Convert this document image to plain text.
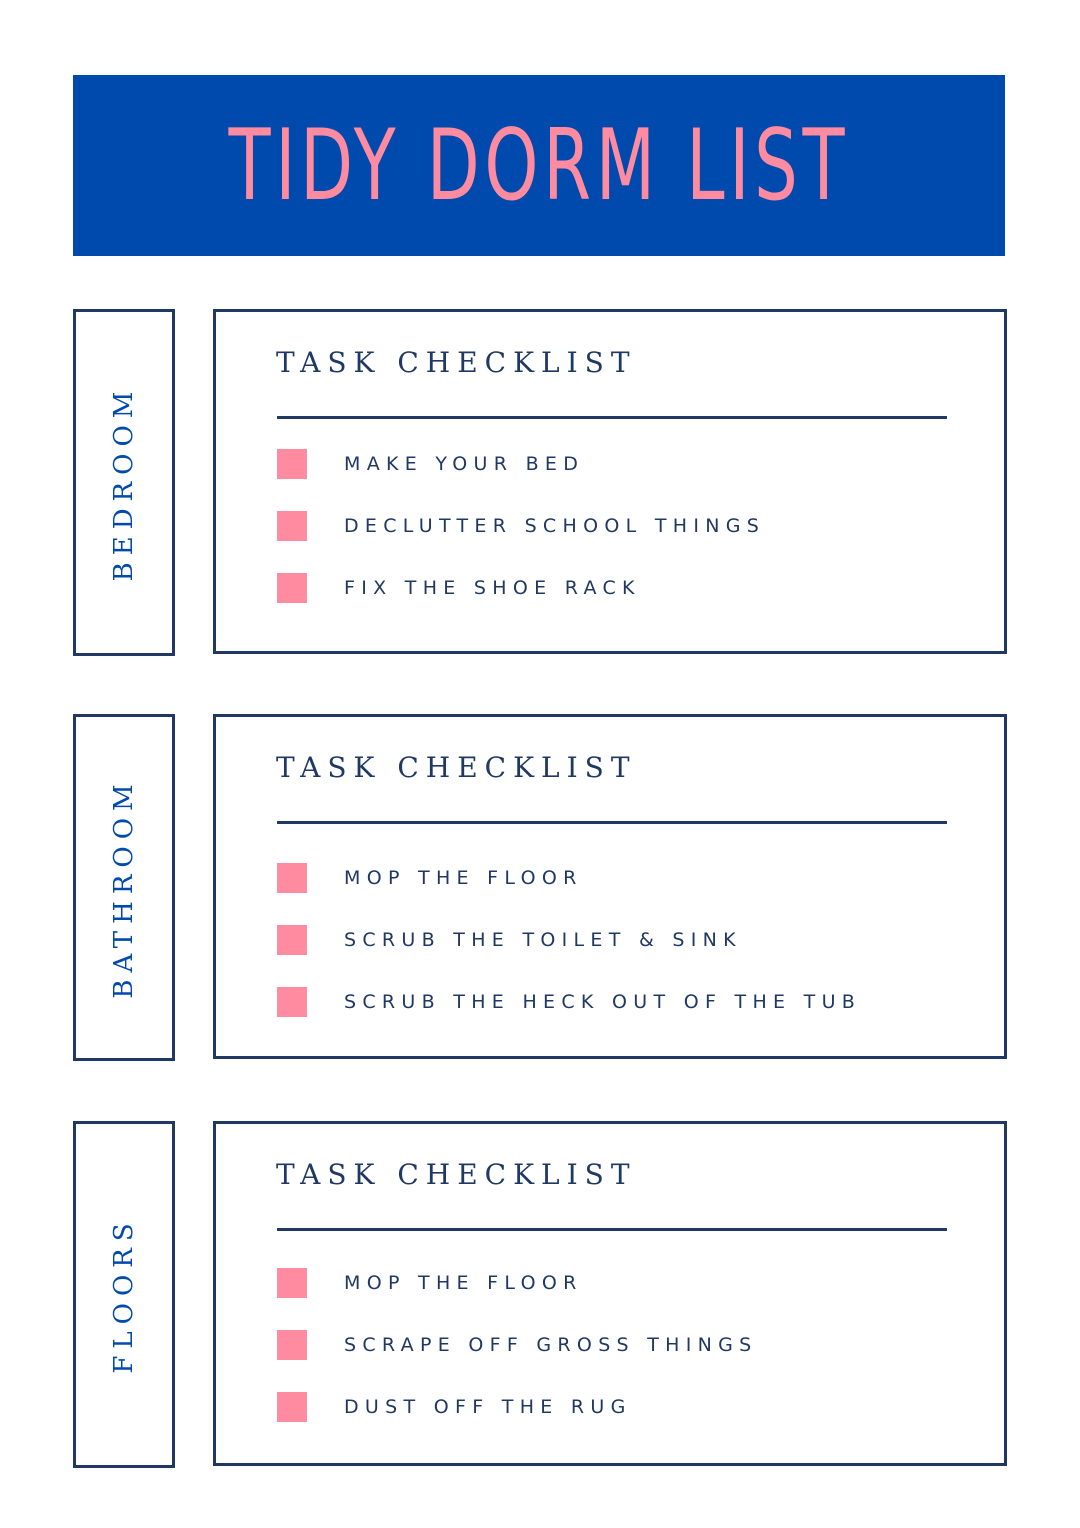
TIDY DORM LIST
BEDROOM
TASK CHECKLIST
MAKE YOUR BED
DECLUTTER SCHOOL THINGS
FIX THE SHOE RACK
BATHROOM
TASK CHECKLIST
MOP THE FLOOR
SCRUB THE TOILET & SINK
SCRUB THE HECK OUT OF THE TUB
FLOORS
TASK CHECKLIST
MOP THE FLOOR
SCRAPE OFF GROSS THINGS
DUST OFF THE RUG
